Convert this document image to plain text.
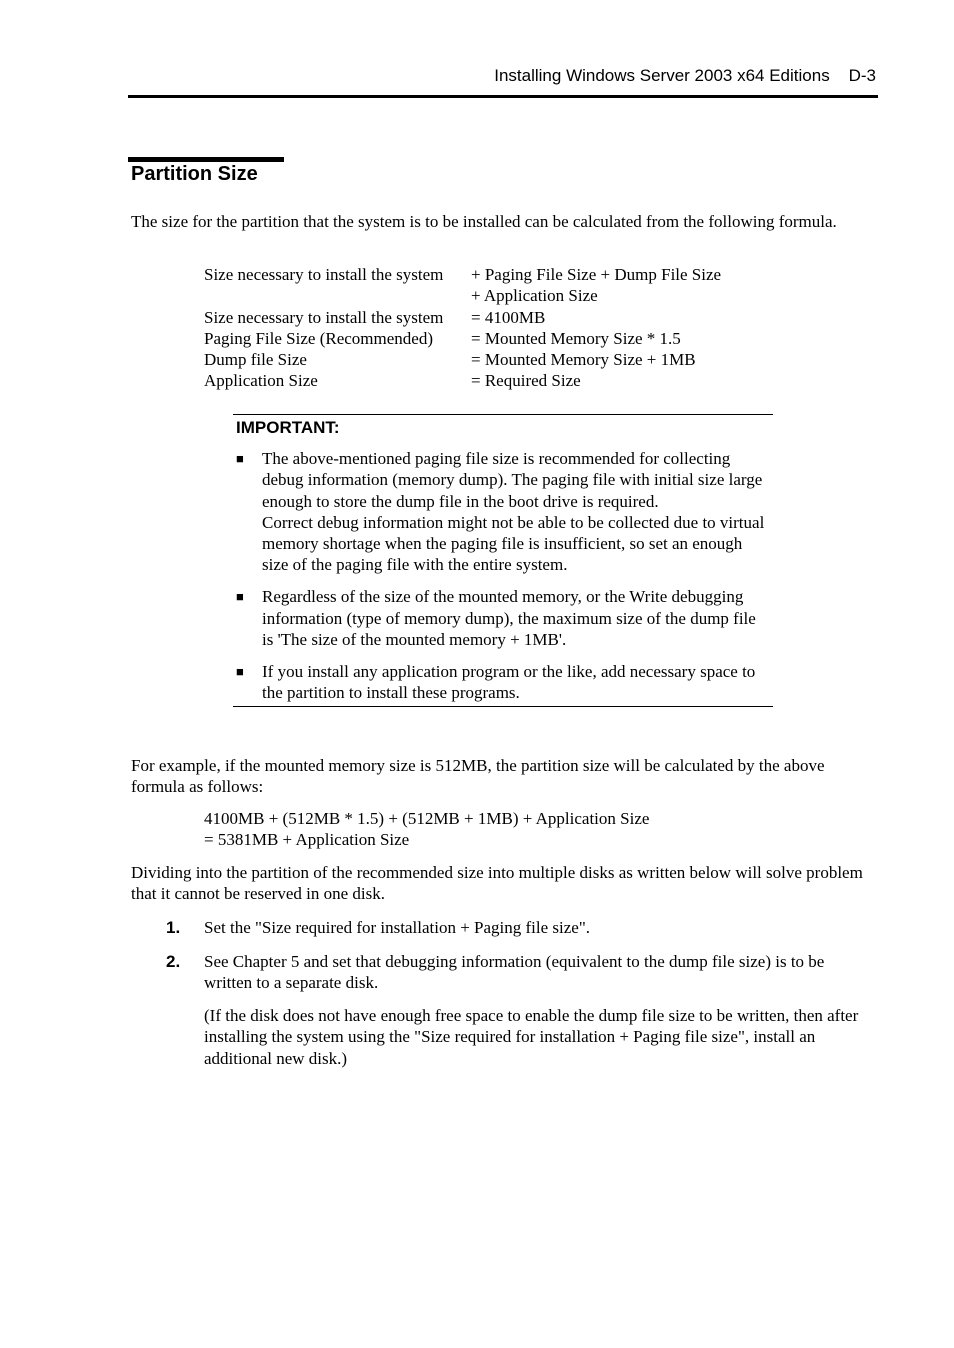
Installing Windows Server 2003 x64 Editions    D-3
Partition Size
The size for the partition that the system is to be installed can be calculated from the following formula.
Size necessary to install the system	+ Paging File Size + Dump File Size
+ Application Size
Size necessary to install the system	= 4100MB
Paging File Size (Recommended)	= Mounted Memory Size * 1.5
Dump file Size	= Mounted Memory Size + 1MB
Application Size	= Required Size
IMPORTANT:
■	The above-mentioned paging file size is recommended for collecting debug information (memory dump). The paging file with initial size large enough to store the dump file in the boot drive is required.
Correct debug information might not be able to be collected due to virtual memory shortage when the paging file is insufficient, so set an enough size of the paging file with the entire system.
■	Regardless of the size of the mounted memory, or the Write debugging information (type of memory dump), the maximum size of the dump file is 'The size of the mounted memory + 1MB'.
■	If you install any application program or the like, add necessary space to the partition to install these programs.
For example, if the mounted memory size is 512MB, the partition size will be calculated by the above formula as follows:
4100MB + (512MB * 1.5) + (512MB + 1MB) + Application Size
= 5381MB + Application Size
Dividing into the partition of the recommended size into multiple disks as written below will solve problem that it cannot be reserved in one disk.
1.	Set the "Size required for installation + Paging file size".
2.	See Chapter 5 and set that debugging information (equivalent to the dump file size) is to be written to a separate disk.
(If the disk does not have enough free space to enable the dump file size to be written, then after installing the system using the "Size required for installation + Paging file size", install an additional new disk.)
